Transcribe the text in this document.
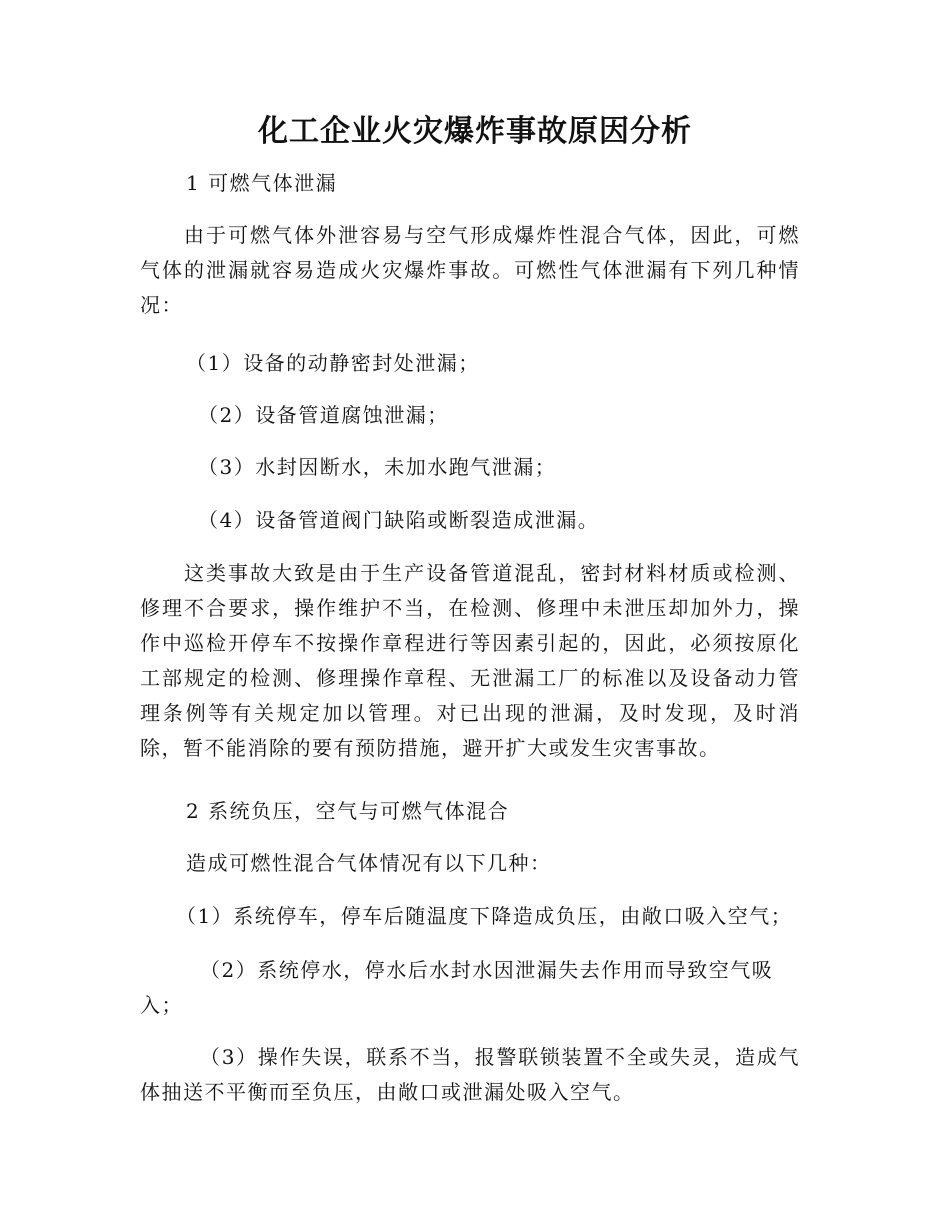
化工企业火灾爆炸事故原因分析
1 可燃气体泄漏
由于可燃气体外泄容易与空气形成爆炸性混合气体，因此，可燃气体的泄漏就容易造成火灾爆炸事故。可燃性气体泄漏有下列几种情况：
（1）设备的动静密封处泄漏；
（2）设备管道腐蚀泄漏；
（3）水封因断水，未加水跑气泄漏；
（4）设备管道阀门缺陷或断裂造成泄漏。
这类事故大致是由于生产设备管道混乱，密封材料材质或检测、修理不合要求，操作维护不当，在检测、修理中未泄压却加外力，操作中巡检开停车不按操作章程进行等因素引起的，因此，必须按原化工部规定的检测、修理操作章程、无泄漏工厂的标准以及设备动力管理条例等有关规定加以管理。对已出现的泄漏，及时发现，及时消除，暂不能消除的要有预防措施，避开扩大或发生灾害事故。
2 系统负压，空气与可燃气体混合
造成可燃性混合气体情况有以下几种：
（1）系统停车，停车后随温度下降造成负压，由敞口吸入空气；
（2）系统停水，停水后水封水因泄漏失去作用而导致空气吸入；
（3）操作失误，联系不当，报警联锁装置不全或失灵，造成气体抽送不平衡而至负压，由敞口或泄漏处吸入空气。
